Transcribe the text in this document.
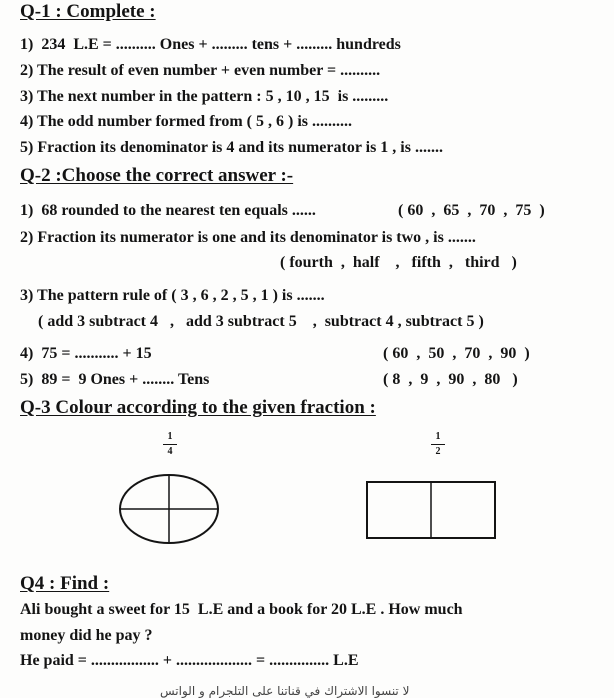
Q-1 : Complete :
1)  234  L.E = .......... Ones + ......... tens + ......... hundreds
2) The result of even number + even number = ..........
3) The next number in the pattern : 5 , 10 , 15  is .........
4) The odd number formed from ( 5 , 6 ) is ..........
5) Fraction its denominator is 4 and its numerator is 1 , is .......
Q-2 :Choose the correct answer :-
1)  68 rounded to the nearest ten equals ......	( 60  ,  65  ,  70  ,  75  )
2) Fraction its numerator is one and its denominator is two , is .......
( fourth  ,  half    ,   fifth  ,   third   )
3) The pattern rule of ( 3 , 6 , 2 , 5 , 1 ) is .......
( add 3 subtract 4   ,   add 3 subtract 5    ,  subtract 4 , subtract 5 )
4)  75 = ........... + 15	( 60  ,  50  ,  70  ,  90  )
5)  89 =  9 Ones + ........ Tens	( 8  ,  9  ,  90  ,  80   )
Q-3 Colour according to the given fraction :
1
4
1
2
Q4 : Find :
Ali bought a sweet for 15  L.E and a book for 20 L.E . How much
money did he pay ?
He paid = ................. + ................... = ............... L.E
لا تنسوا الاشتراك في قناتنا على التلجرام و الواتس
